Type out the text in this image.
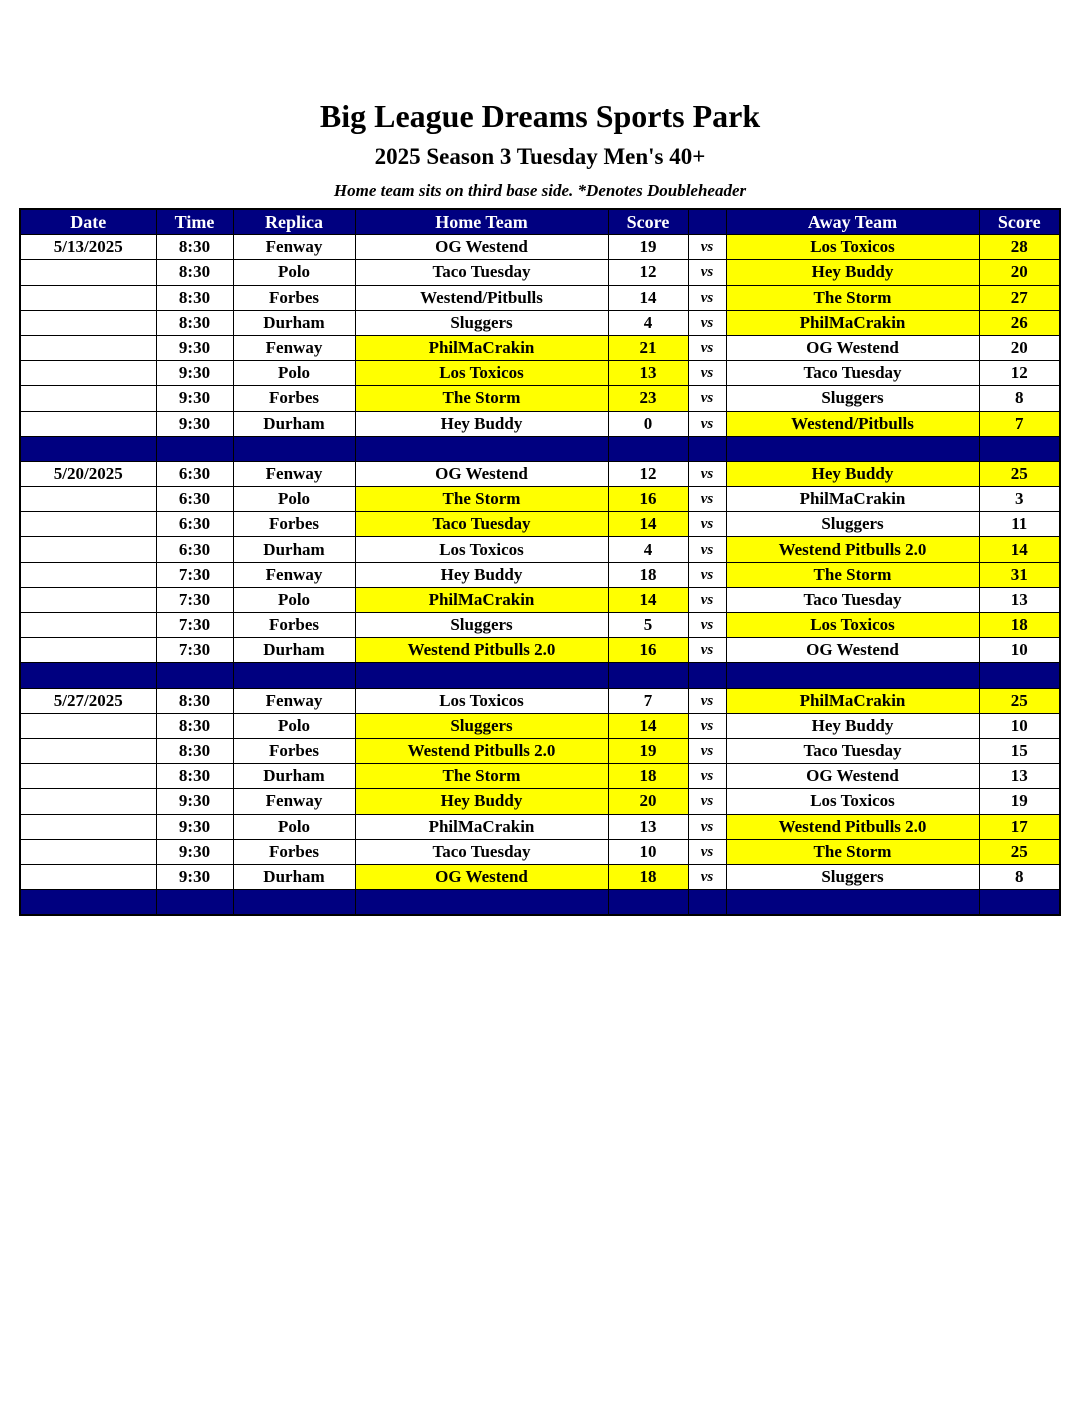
Big League Dreams Sports Park
2025 Season 3 Tuesday Men's 40+
Home team sits on third base side. *Denotes Doubleheader
Date	Time	Replica	Home Team	Score		Away Team	Score
5/13/2025	8:30	Fenway	OG Westend	19	vs	Los Toxicos	28
	8:30	Polo	Taco Tuesday	12	vs	Hey Buddy	20
	8:30	Forbes	Westend/Pitbulls	14	vs	The Storm	27
	8:30	Durham	Sluggers	4	vs	PhilMaCrakin	26
	9:30	Fenway	PhilMaCrakin	21	vs	OG Westend	20
	9:30	Polo	Los Toxicos	13	vs	Taco Tuesday	12
	9:30	Forbes	The Storm	23	vs	Sluggers	8
	9:30	Durham	Hey Buddy	0	vs	Westend/Pitbulls	7

5/20/2025	6:30	Fenway	OG Westend	12	vs	Hey Buddy	25
	6:30	Polo	The Storm	16	vs	PhilMaCrakin	3
	6:30	Forbes	Taco Tuesday	14	vs	Sluggers	11
	6:30	Durham	Los Toxicos	4	vs	Westend Pitbulls 2.0	14
	7:30	Fenway	Hey Buddy	18	vs	The Storm	31
	7:30	Polo	PhilMaCrakin	14	vs	Taco Tuesday	13
	7:30	Forbes	Sluggers	5	vs	Los Toxicos	18
	7:30	Durham	Westend Pitbulls 2.0	16	vs	OG Westend	10

5/27/2025	8:30	Fenway	Los Toxicos	7	vs	PhilMaCrakin	25
	8:30	Polo	Sluggers	14	vs	Hey Buddy	10
	8:30	Forbes	Westend Pitbulls 2.0	19	vs	Taco Tuesday	15
	8:30	Durham	The Storm	18	vs	OG Westend	13
	9:30	Fenway	Hey Buddy	20	vs	Los Toxicos	19
	9:30	Polo	PhilMaCrakin	13	vs	Westend Pitbulls 2.0	17
	9:30	Forbes	Taco Tuesday	10	vs	The Storm	25
	9:30	Durham	OG Westend	18	vs	Sluggers	8
